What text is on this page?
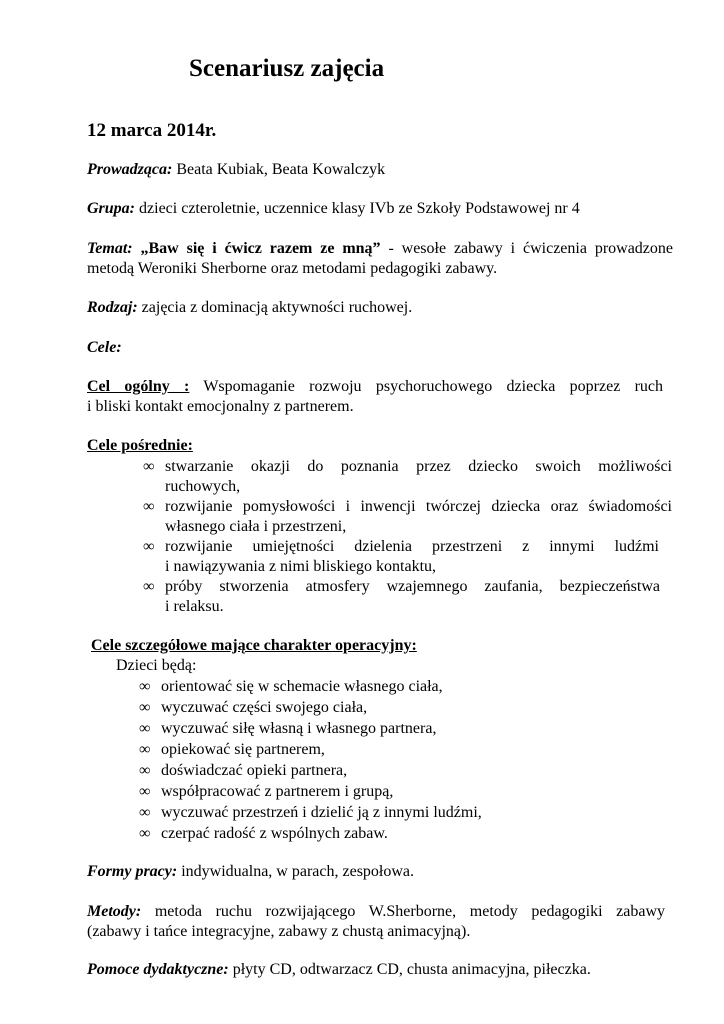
Scenariusz zajęcia
12 marca 2014r.
Prowadząca: Beata Kubiak, Beata Kowalczyk
Grupa: dzieci czteroletnie, uczennice klasy IVb ze Szkoły Podstawowej nr 4
Temat: „Baw się i ćwicz razem ze mną” - wesołe zabawy i ćwiczenia prowadzone
metodą Weroniki Sherborne oraz metodami pedagogiki zabawy.
Rodzaj: zajęcia z dominacją aktywności ruchowej.
Cele:
Cel ogólny : Wspomaganie rozwoju psychoruchowego dziecka poprzez ruch
i bliski kontakt emocjonalny z partnerem.
Cele pośrednie:
∞ stwarzanie okazji do poznania przez dziecko swoich możliwości
ruchowych,
∞ rozwijanie pomysłowości i inwencji twórczej dziecka oraz świadomości
własnego ciała i przestrzeni,
∞ rozwijanie umiejętności dzielenia przestrzeni z innymi ludźmi
i nawiązywania z nimi bliskiego kontaktu,
∞ próby stworzenia atmosfery wzajemnego zaufania, bezpieczeństwa
i relaksu.
Cele szczegółowe mające charakter operacyjny:
Dzieci będą:
∞ orientować się w schemacie własnego ciała,
∞ wyczuwać części swojego ciała,
∞ wyczuwać siłę własną i własnego partnera,
∞ opiekować się partnerem,
∞ doświadczać opieki partnera,
∞ współpracować z partnerem i grupą,
∞ wyczuwać przestrzeń i dzielić ją z innymi ludźmi,
∞ czerpać radość z wspólnych zabaw.
Formy pracy: indywidualna, w parach, zespołowa.
Metody: metoda ruchu rozwijającego W.Sherborne, metody pedagogiki zabawy
(zabawy i tańce integracyjne, zabawy z chustą animacyjną).
Pomoce dydaktyczne: płyty CD, odtwarzacz CD, chusta animacyjna, piłeczka.
